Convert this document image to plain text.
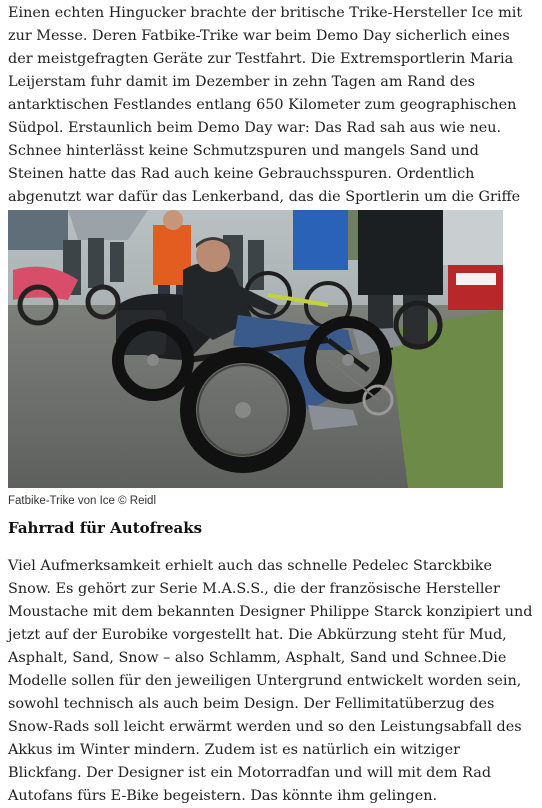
Einen echten Hingucker brachte der britische Trike-Hersteller Ice mit zur Messe. Deren Fatbike-Trike war beim Demo Day sicherlich eines der meistgefragten Geräte zur Testfahrt. Die Extremsportlerin Maria Leijerstam fuhr damit im Dezember in zehn Tagen am Rand des antarktischen Festlandes entlang 650 Kilometer zum geographischen Südpol. Erstaunlich beim Demo Day war: Das Rad sah aus wie neu. Schnee hinterlässt keine Schmutzspuren und mangels Sand und Steinen hatte das Rad auch keine Gebrauchsspuren. Ordentlich abgenutzt war dafür das Lenkerband, das die Sportlerin um die Griffe

Fatbike-Trike von Ice © Reidl
Fahrrad für Autofreaks

Viel Aufmerksamkeit erhielt auch das schnelle Pedelec Starckbike Snow. Es gehört zur Serie M.A.S.S., die der französische Hersteller Moustache mit dem bekannten Designer Philippe Starck konzipiert und jetzt auf der Eurobike vorgestellt hat. Die Abkürzung steht für Mud, Asphalt, Sand, Snow – also Schlamm, Asphalt, Sand und Schnee.Die Modelle sollen für den jeweiligen Untergrund entwickelt worden sein, sowohl technisch als auch beim Design. Der Fellimitatüberzug des Snow-Rads soll leicht erwärmt werden und so den Leistungsabfall des Akkus im Winter mindern. Zudem ist es natürlich ein witziger Blickfang. Der Designer ist ein Motorradfan und will mit dem Rad Autofans fürs E-Bike begeistern. Das könnte ihm gelingen.
